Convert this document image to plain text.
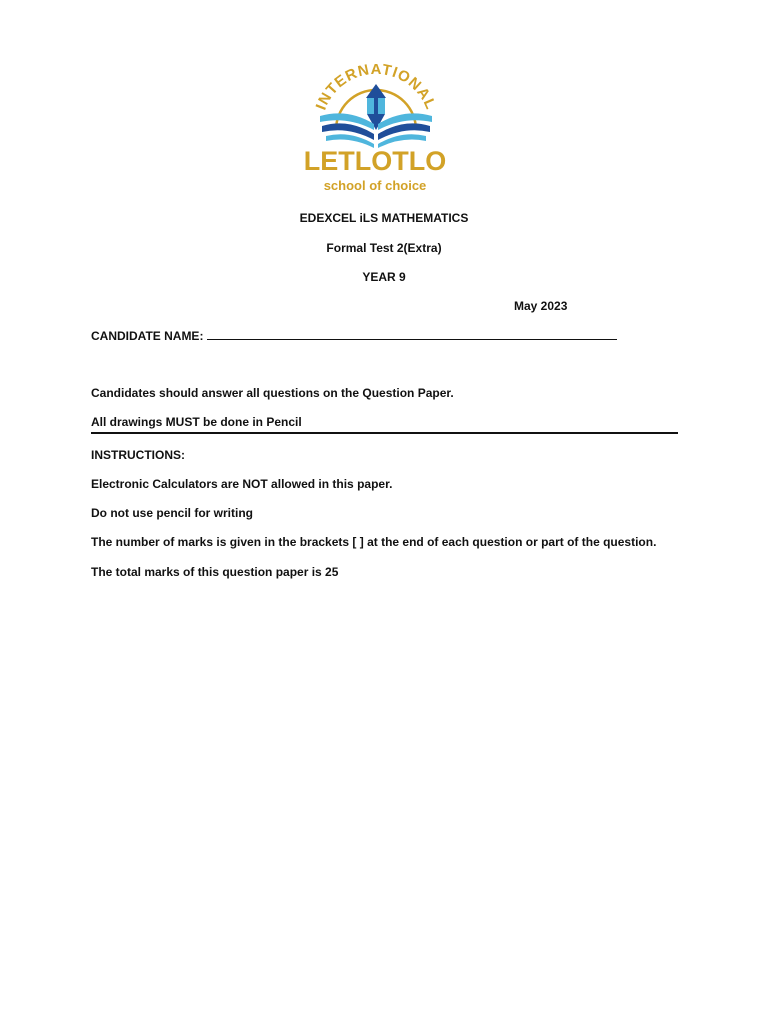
INTERNATIONAL
LETLOTLO
school of choice
EDEXCEL iLS MATHEMATICS
Formal Test 2(Extra)
YEAR 9
May 2023
CANDIDATE NAME:
Candidates should answer all questions on the Question Paper.
All drawings MUST be done in Pencil
INSTRUCTIONS:
Electronic Calculators are NOT allowed in this paper.
Do not use pencil for writing
The number of marks is given in the brackets [ ] at the end of each question or part of the question.
The total marks of this question paper is 25
